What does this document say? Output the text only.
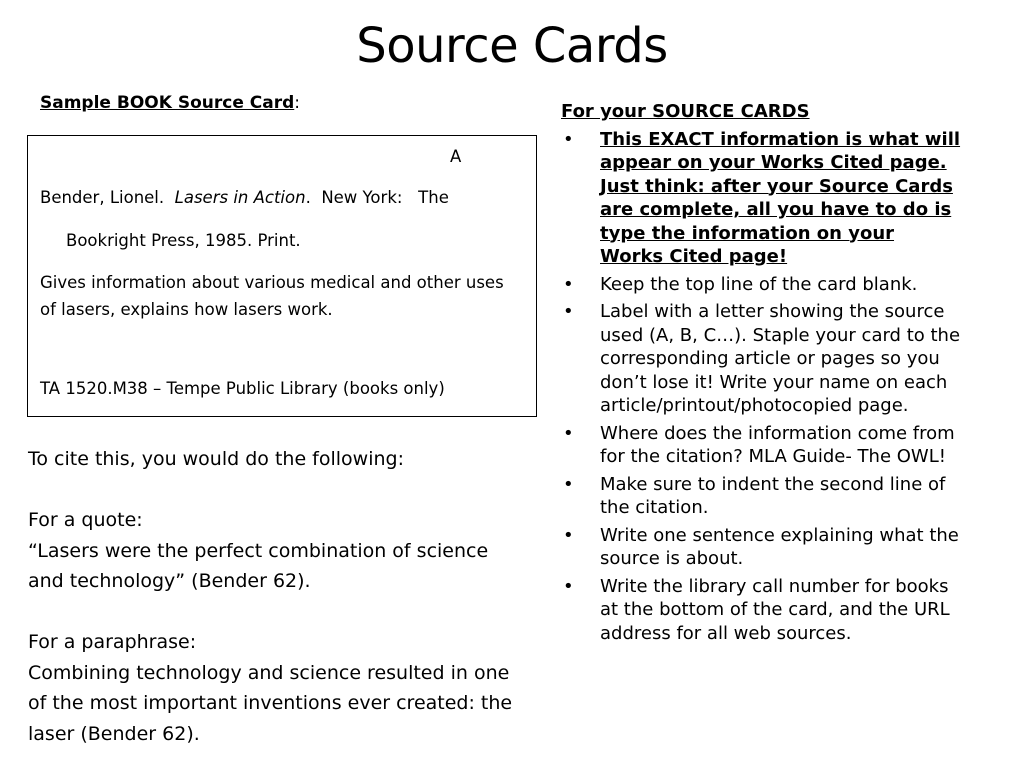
Source Cards
Sample BOOK Source Card:
A
Bender, Lionel.  Lasers in Action.  New York:   The
Bookright Press, 1985. Print.
Gives information about various medical and other uses of lasers, explains how lasers work.
TA 1520.M38 – Tempe Public Library (books only)

To cite this, you would do the following:

For a quote:

“Lasers were the perfect combination of science and technology” (Bender 62).

For a paraphrase:

Combining technology and science resulted in one of the most important inventions ever created: the laser (Bender 62).

For your SOURCE CARDS
• This EXACT information is what will appear on your Works Cited page. Just think: after your Source Cards are complete, all you have to do is type the information on your Works Cited page!
• Keep the top line of the card blank.
• Label with a letter showing the source used (A, B, C…). Staple your card to the corresponding article or pages so you don’t lose it! Write your name on each article/printout/photocopied page.
• Where does the information come from for the citation? MLA Guide- The OWL!
• Make sure to indent the second line of the citation.
• Write one sentence explaining what the source is about.
• Write the library call number for books at the bottom of the card, and the URL address for all web sources.
